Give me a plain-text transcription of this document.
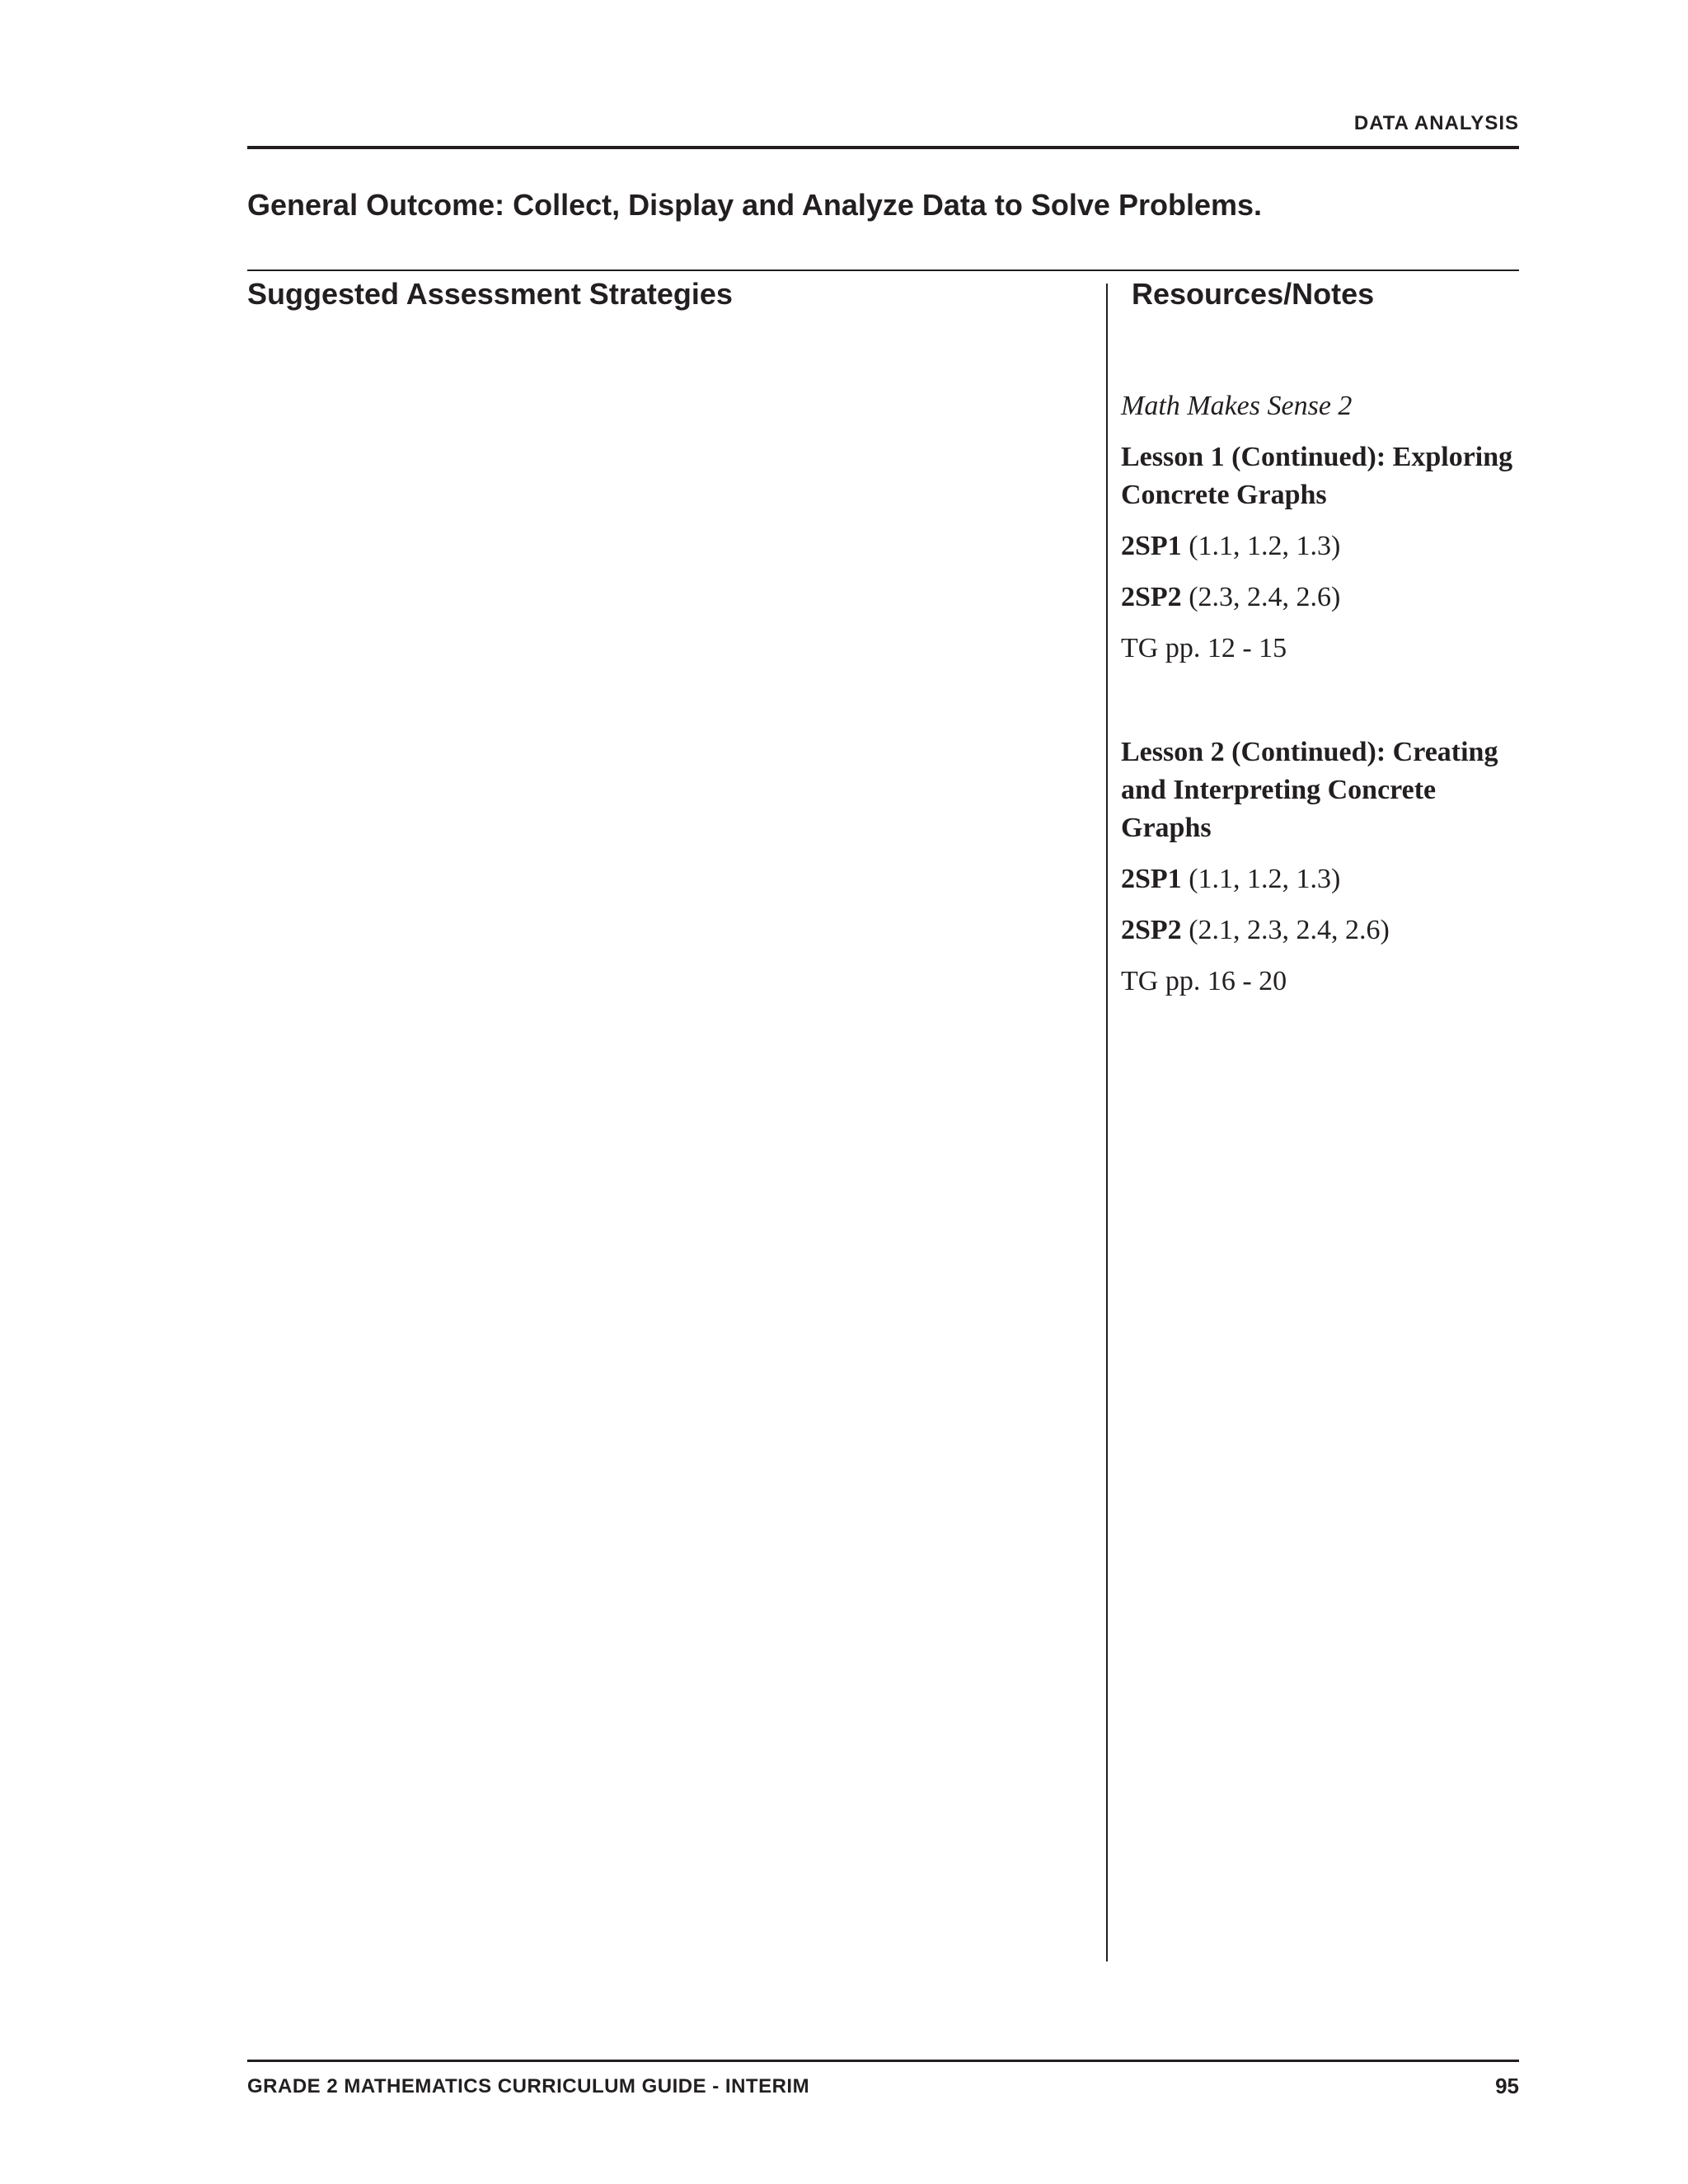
DATA ANALYSIS
General Outcome: Collect, Display and Analyze Data to Solve Problems.
Suggested Assessment Strategies	Resources/Notes
Math Makes Sense 2
Lesson 1 (Continued): Exploring Concrete Graphs
2SP1 (1.1, 1.2, 1.3)
2SP2 (2.3, 2.4, 2.6)
TG pp. 12 - 15
Lesson 2 (Continued): Creating and Interpreting Concrete Graphs
2SP1 (1.1, 1.2, 1.3)
2SP2 (2.1, 2.3, 2.4, 2.6)
TG pp. 16 - 20
GRADE 2 MATHEMATICS CURRICULUM GUIDE - INTERIM	95
